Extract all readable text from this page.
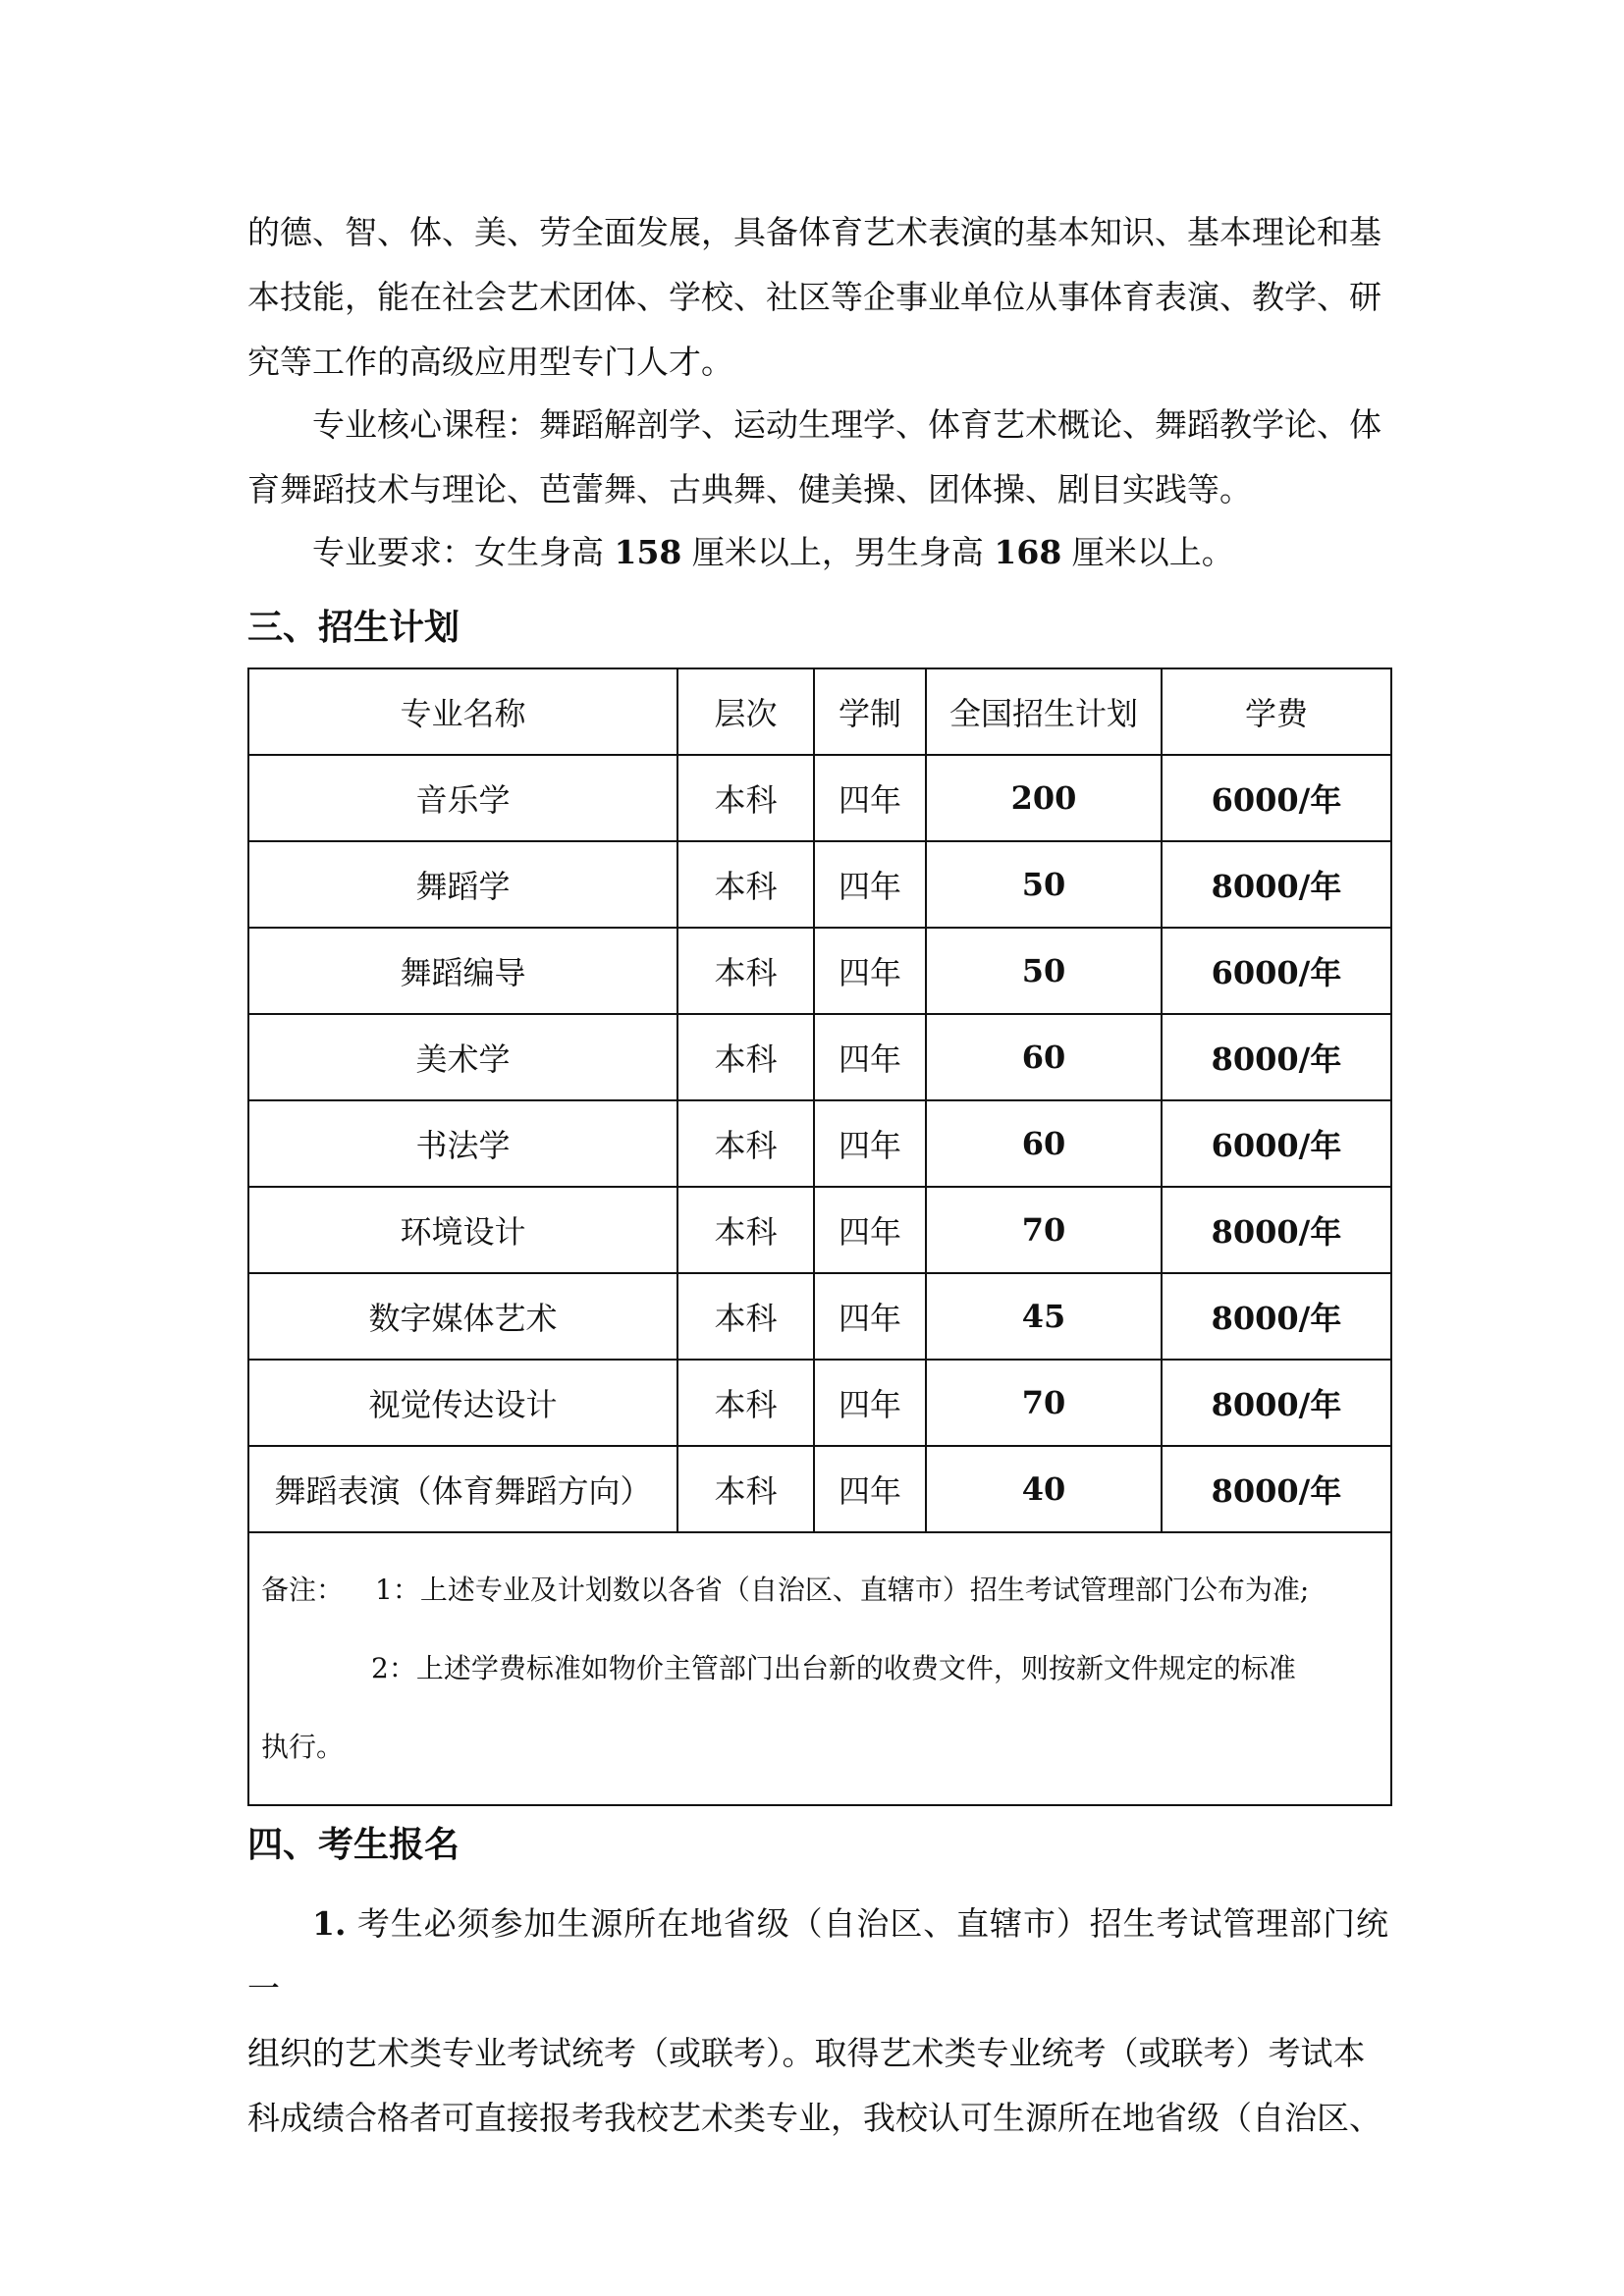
的德、智、体、美、劳全面发展，具备体育艺术表演的基本知识、基本理论和基
本技能，能在社会艺术团体、学校、社区等企事业单位从事体育表演、教学、研
究等工作的高级应用型专门人才。

专业核心课程：舞蹈解剖学、运动生理学、体育艺术概论、舞蹈教学论、体
育舞蹈技术与理论、芭蕾舞、古典舞、健美操、团体操、剧目实践等。

专业要求：女生身高 158 厘米以上，男生身高 168 厘米以上。

三、招生计划
专业名称	层次	学制	全国招生计划	学费
音乐学	本科	四年	200	6000/年
舞蹈学	本科	四年	50	8000/年
舞蹈编导	本科	四年	50	6000/年
美术学	本科	四年	60	8000/年
书法学	本科	四年	60	6000/年
环境设计	本科	四年	70	8000/年
数字媒体艺术	本科	四年	45	8000/年
视觉传达设计	本科	四年	70	8000/年
舞蹈表演（体育舞蹈方向）	本科	四年	40	8000/年

备注： 1：上述专业及计划数以各省（自治区、直辖市）招生考试管理部门公布为准;
2：上述学费标准如物价主管部门出台新的收费文件，则按新文件规定的标准
执行。				
四、考生报名

1. 考生必须参加生源所在地省级（自治区、直辖市）招生考试管理部门统一
组织的艺术类专业考试统考（或联考）。取得艺术类专业统考（或联考）考试本
科成绩合格者可直接报考我校艺术类专业，我校认可生源所在地省级（自治区、
